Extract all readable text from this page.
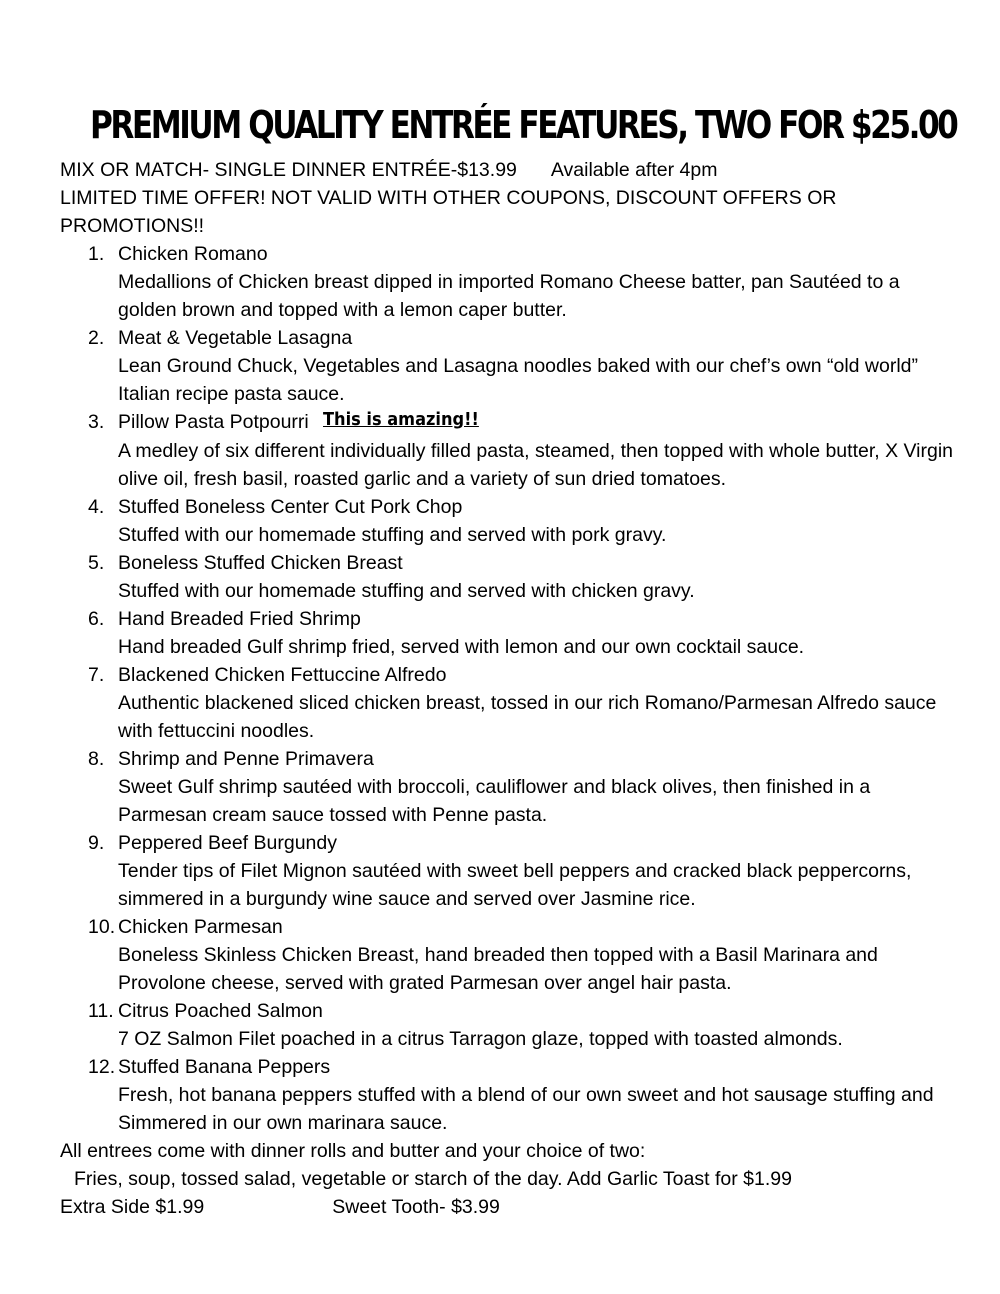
PREMIUM QUALITY ENTRÉE FEATURES, TWO FOR $25.00
MIX OR MATCH- SINGLE DINNER ENTRÉE-$13.99 Available after 4pm
LIMITED TIME OFFER! NOT VALID WITH OTHER COUPONS, DISCOUNT OFFERS OR
PROMOTIONS!!
1. Chicken Romano
Medallions of Chicken breast dipped in imported Romano Cheese batter, pan Sautéed to a golden brown and topped with a lemon caper butter.
2. Meat & Vegetable Lasagna
Lean Ground Chuck, Vegetables and Lasagna noodles baked with our chef’s own “old world” Italian recipe pasta sauce.
3. Pillow Pasta Potpourri This is amazing!!
A medley of six different individually filled pasta, steamed, then topped with whole butter, X Virgin olive oil, fresh basil, roasted garlic and a variety of sun dried tomatoes.
4. Stuffed Boneless Center Cut Pork Chop
Stuffed with our homemade stuffing and served with pork gravy.
5. Boneless Stuffed Chicken Breast
Stuffed with our homemade stuffing and served with chicken gravy.
6. Hand Breaded Fried Shrimp
Hand breaded Gulf shrimp fried, served with lemon and our own cocktail sauce.
7. Blackened Chicken Fettuccine Alfredo
Authentic blackened sliced chicken breast, tossed in our rich Romano/Parmesan Alfredo sauce with fettuccini noodles.
8. Shrimp and Penne Primavera
Sweet Gulf shrimp sautéed with broccoli, cauliflower and black olives, then finished in a Parmesan cream sauce tossed with Penne pasta.
9. Peppered Beef Burgundy
Tender tips of Filet Mignon sautéed with sweet bell peppers and cracked black peppercorns, simmered in a burgundy wine sauce and served over Jasmine rice.
10. Chicken Parmesan
Boneless Skinless Chicken Breast, hand breaded then topped with a Basil Marinara and Provolone cheese, served with grated Parmesan over angel hair pasta.
11. Citrus Poached Salmon
7 OZ Salmon Filet poached in a citrus Tarragon glaze, topped with toasted almonds.
12. Stuffed Banana Peppers
Fresh, hot banana peppers stuffed with a blend of our own sweet and hot sausage stuffing and Simmered in our own marinara sauce.
All entrees come with dinner rolls and butter and your choice of two:
Fries, soup, tossed salad, vegetable or starch of the day. Add Garlic Toast for $1.99
Extra Side $1.99	Sweet Tooth- $3.99
